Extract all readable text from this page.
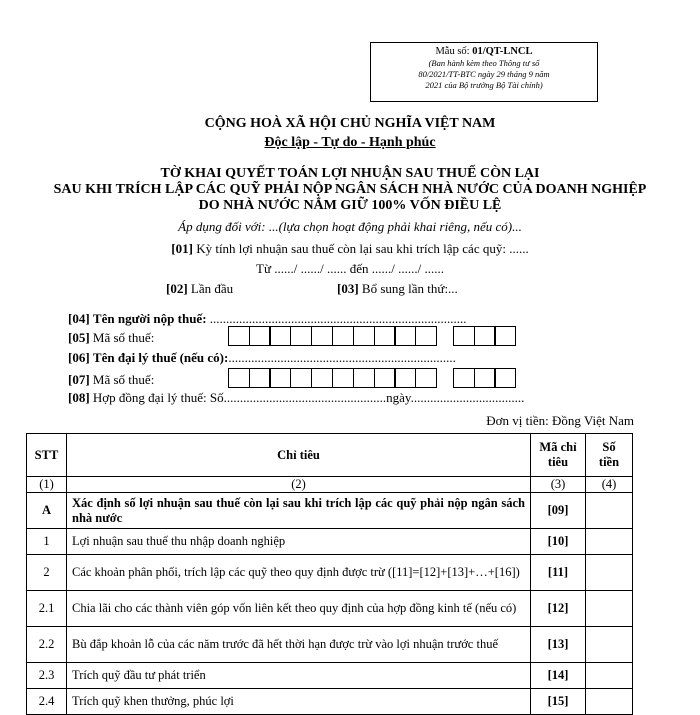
Mẫu số: 01/QT-LNCL
(Ban hành kèm theo Thông tư số
80/2021/TT-BTC ngày 29 tháng 9 năm
2021 của Bộ trưởng Bộ Tài chính)
CỘNG HOÀ XÃ HỘI CHỦ NGHĨA VIỆT NAM
Độc lập - Tự do - Hạnh phúc
TỜ KHAI QUYẾT TOÁN LỢI NHUẬN SAU THUẾ CÒN LẠI
SAU KHI TRÍCH LẬP CÁC QUỸ PHẢI NỘP NGÂN SÁCH NHÀ NƯỚC CỦA DOANH NGHIỆP
DO NHÀ NƯỚC NẮM GIỮ 100% VỐN ĐIỀU LỆ
Áp dụng đối với: ...(lựa chọn hoạt động phải khai riêng, nếu có)...
[01] Kỳ tính lợi nhuận sau thuế còn lại sau khi trích lập các quỹ: ......
Từ ....../ ....../ ...... đến ....../ ....../ ......
[02] Lần đầu	[03] Bổ sung lần thứ:...
[04] Tên người nộp thuế: ...............................................................................
[05] Mã số thuế:
[06] Tên đại lý thuế (nếu có):......................................................................
[07] Mã số thuế:
[08] Hợp đồng đại lý thuế: Số..................................................ngày...................................
Đơn vị tiền: Đồng Việt Nam
STT	Chỉ tiêu	Mã chỉ tiêu	Số tiền
(1)	(2)	(3)	(4)
A	Xác định số lợi nhuận sau thuế còn lại sau khi trích lập các quỹ phải nộp ngân sách nhà nước	[09]	
1	Lợi nhuận sau thuế thu nhập doanh nghiệp	[10]	
2	Các khoản phân phối, trích lập các quỹ theo quy định được trừ ([11]=[12]+[13]+…+[16])	[11]	
2.1	Chia lãi cho các thành viên góp vốn liên kết theo quy định của hợp đồng kinh tế (nếu có)	[12]	
2.2	Bù đắp khoản lỗ của các năm trước đã hết thời hạn được trừ vào lợi nhuận trước thuế	[13]	
2.3	Trích quỹ đầu tư phát triển	[14]	
2.4	Trích quỹ khen thưởng, phúc lợi	[15]	
